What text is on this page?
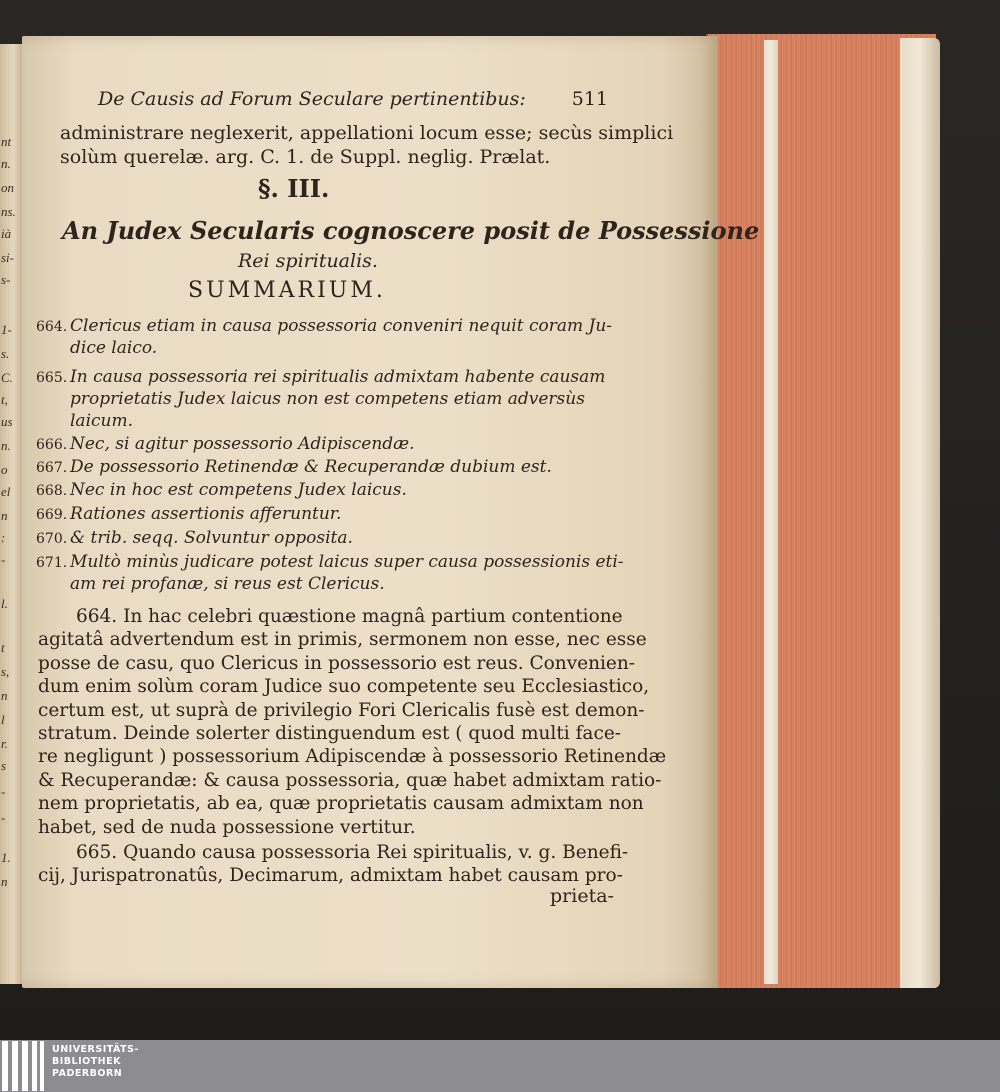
nt
n.
on
ns.
ià
si-
s-
1-
s.
C.
t,
us
n.
o
el
n
:
-
l.
t
s,
n
l
r.
s
-
-
1.
n
De Causis ad Forum Seculare pertinentibus: 511
administrare neglexerit, appellationi locum esse; secùs simplici
solùm querelæ. arg. C. 1. de Suppl. neglig. Prælat.
§. III.
An Judex Secularis cognoscere posit de Possessione
Rei spiritualis.
SUMMARIUM.
664. Clericus etiam in causa possessoria conveniri nequit coram Ju-
dice laico.
665. In causa possessoria rei spiritualis admixtam habente causam
proprietatis Judex laicus non est competens etiam adversùs
laicum.
666. Nec, si agitur possessorio Adipiscendæ.
667. De possessorio Retinendæ & Recuperandæ dubium est.
668. Nec in hoc est competens Judex laicus.
669. Rationes assertionis afferuntur.
670. & trib. seqq. Solvuntur opposita.
671. Multò minùs judicare potest laicus super causa possessionis eti-
am rei profanæ, si reus est Clericus.
664. In hac celebri quæstione magnâ partium contentione
agitatâ advertendum est in primis, sermonem non esse, nec esse
posse de casu, quo Clericus in possessorio est reus. Convenien-
dum enim solùm coram Judice suo competente seu Ecclesiastico,
certum est, ut suprà de privilegio Fori Clericalis fusè est demon-
stratum. Deinde solerter distinguendum est ( quod multi face-
re negligunt ) possessorium Adipiscendæ à possessorio Retinendæ
& Recuperandæ: & causa possessoria, quæ habet admixtam ratio-
nem proprietatis, ab ea, quæ proprietatis causam admixtam non
habet, sed de nuda possessione vertitur.
665. Quando causa possessoria Rei spiritualis, v. g. Benefi-
cij, Jurispatronatûs, Decimarum, admixtam habet causam pro-
prieta-
UNIVERSITÄTS-
BIBLIOTHEK
PADERBORN
